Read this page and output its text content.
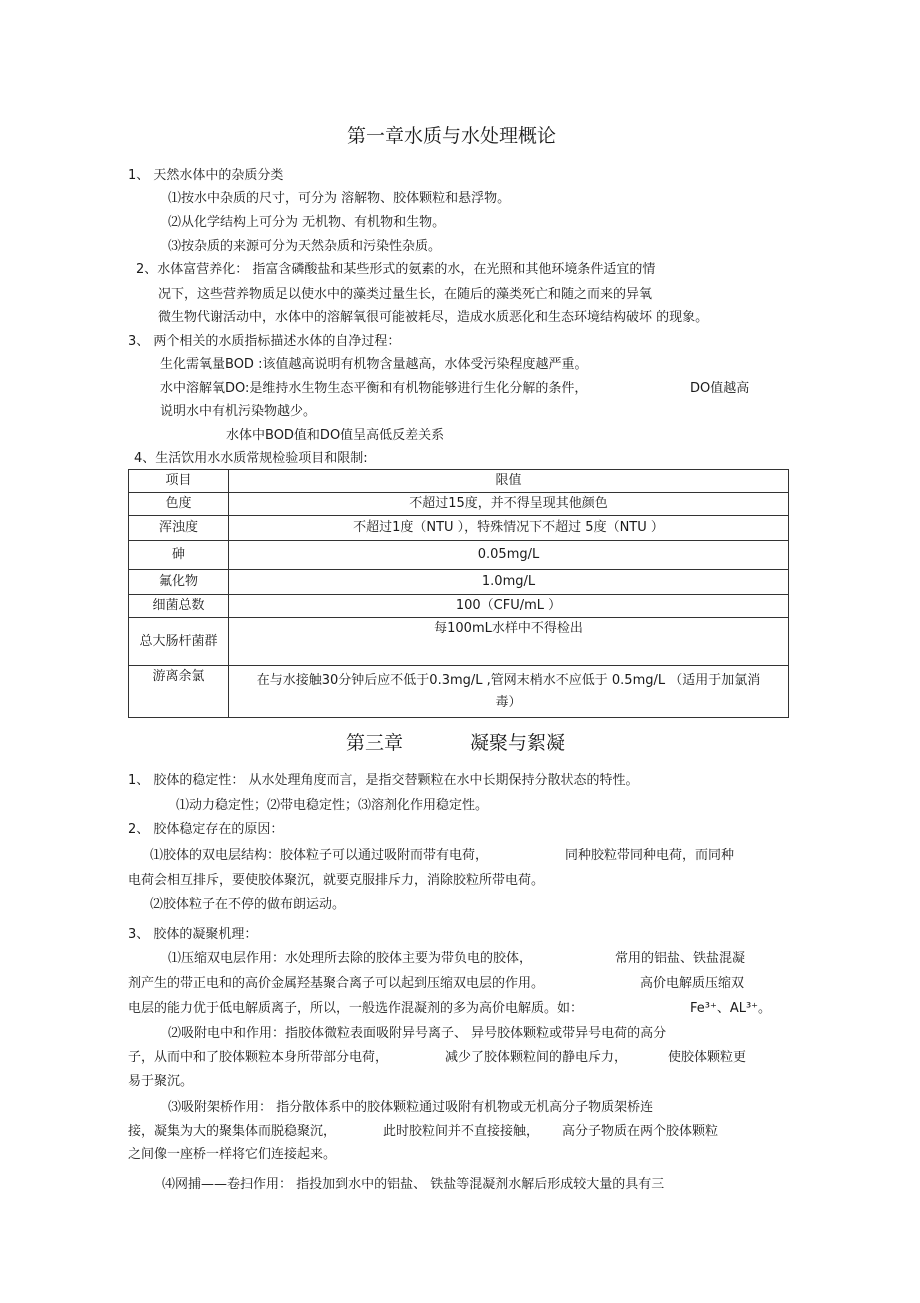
第一章水质与水处理概论
1、 天然水体中的杂质分类
⑴按水中杂质的尺寸，可分为 溶解物、胶体颗粒和悬浮物。
⑵从化学结构上可分为 无机物、有机物和生物。
⑶按杂质的来源可分为天然杂质和污染性杂质。
2、水体富营养化： 指富含磷酸盐和某些形式的氨素的水，在光照和其他环境条件适宜的情
况下，这些营养物质足以使水中的藻类过量生长，在随后的藻类死亡和随之而来的异氧
微生物代谢活动中，水体中的溶解氧很可能被耗尽，造成水质恶化和生态环境结构破坏 的现象。
3、 两个相关的水质指标描述水体的自净过程：
生化需氧量BOD :该值越高说明有机物含量越高，水体受污染程度越严重。
水中溶解氧DO:是维持水生物生态平衡和有机物能够进行生化分解的条件，	DO值越高
说明水中有机污染物越少。
水体中BOD值和DO值呈高低反差关系
4、生活饮用水水质常规检验项目和限制:
项目	限值
色度	不超过15度，并不得呈现其他颜色
浑浊度	不超过1度（NTU ），特殊情况下不超过 5度（NTU ）
砷	0.05mg/L
氟化物	1.0mg/L
细菌总数	100（CFU/mL ）
总大肠杆菌群	每100mL水样中不得检出
游离余氯	在与水接触30分钟后应不低于0.3mg/L ,管网末梢水不应低于 0.5mg/L （适用于加氯消毒）
第三章	凝聚与絮凝
1、 胶体的稳定性： 从水处理角度而言，是指交替颗粒在水中长期保持分散状态的特性。
⑴动力稳定性；⑵带电稳定性；⑶溶剂化作用稳定性。
2、 胶体稳定存在的原因：
⑴胶体的双电层结构：胶体粒子可以通过吸附而带有电荷，	同种胶粒带同种电荷，而同种
电荷会相互排斥，要使胶体聚沉，就要克服排斥力，消除胶粒所带电荷。
⑵胶体粒子在不停的做布朗运动。
3、 胶体的凝聚机理：
⑴压缩双电层作用：水处理所去除的胶体主要为带负电的胶体，	常用的铝盐、铁盐混凝
剂产生的带正电和的高价金属羟基聚合离子可以起到压缩双电层的作用。	高价电解质压缩双
电层的能力优于低电解质离子，所以，一般选作混凝剂的多为高价电解质。如：	Fe³⁺、AL³⁺。
⑵吸附电中和作用：指胶体微粒表面吸附异号离子、 异号胶体颗粒或带异号电荷的高分
子，从而中和了胶体颗粒本身所带部分电荷，	减少了胶体颗粒间的静电斥力，	使胶体颗粒更
易于聚沉。
⑶吸附架桥作用： 指分散体系中的胶体颗粒通过吸附有机物或无机高分子物质架桥连
接，凝集为大的聚集体而脱稳聚沉，	此时胶粒间并不直接接触， 高分子物质在两个胶体颗粒
之间像一座桥一样将它们连接起来。
⑷网捕——卷扫作用： 指投加到水中的铝盐、 铁盐等混凝剂水解后形成较大量的具有三
